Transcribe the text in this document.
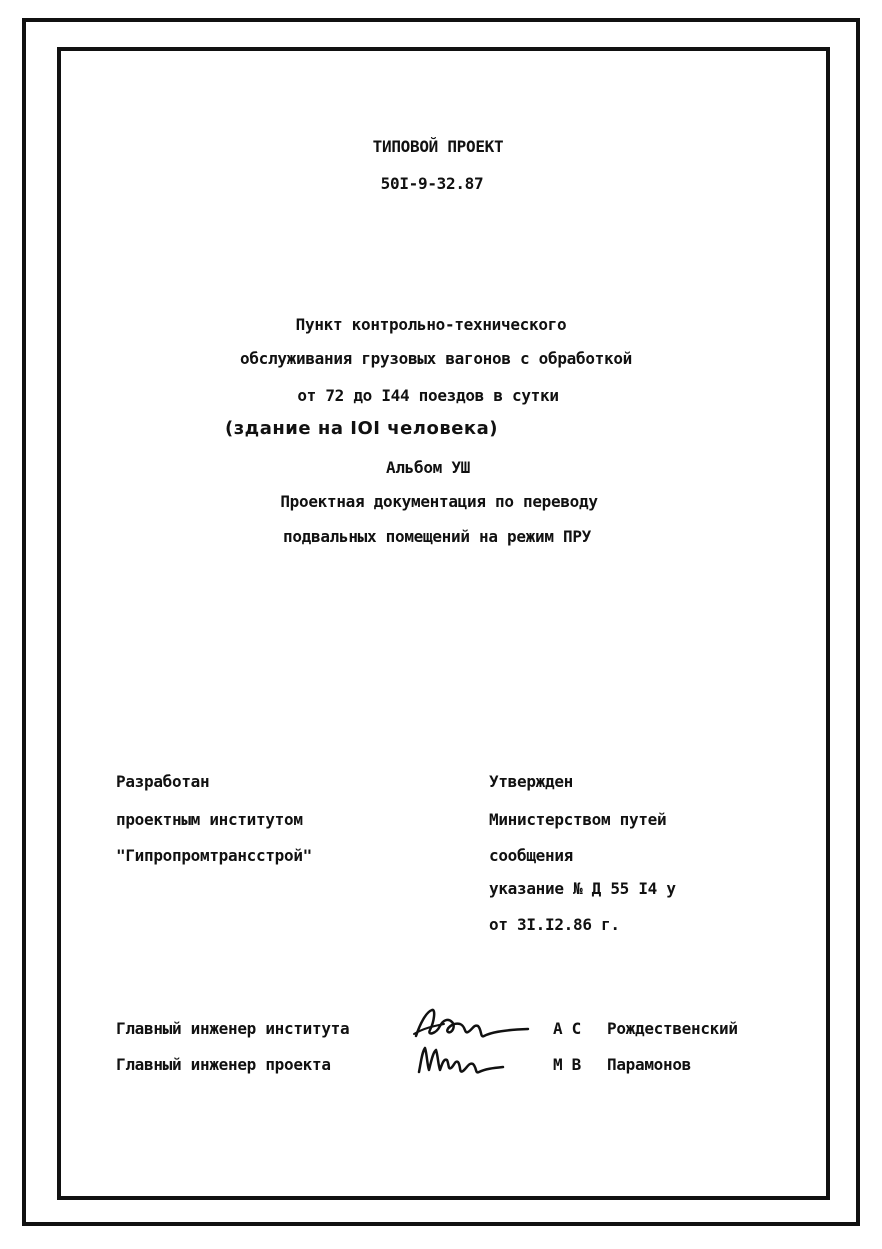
ТИПОВОЙ ПРОЕКТ
50I-9-32.87
Пункт контрольно-технического
обслуживания грузовых вагонов с обработкой
от 72 до I44 поездов в сутки
(здание на IOI человека)
Альбом УШ
Проектная документация по переводу
подвальных помещений на режим ПРУ
Разработан
проектным институтом
"Гипропромтрансстрой"
Утвержден
Министерством путей
сообщения
указание № Д 55 I4 у
от 3I.I2.86 г.
Главный инженер института	А С Рождественский
Главный инженер проекта	М В Парамонов
